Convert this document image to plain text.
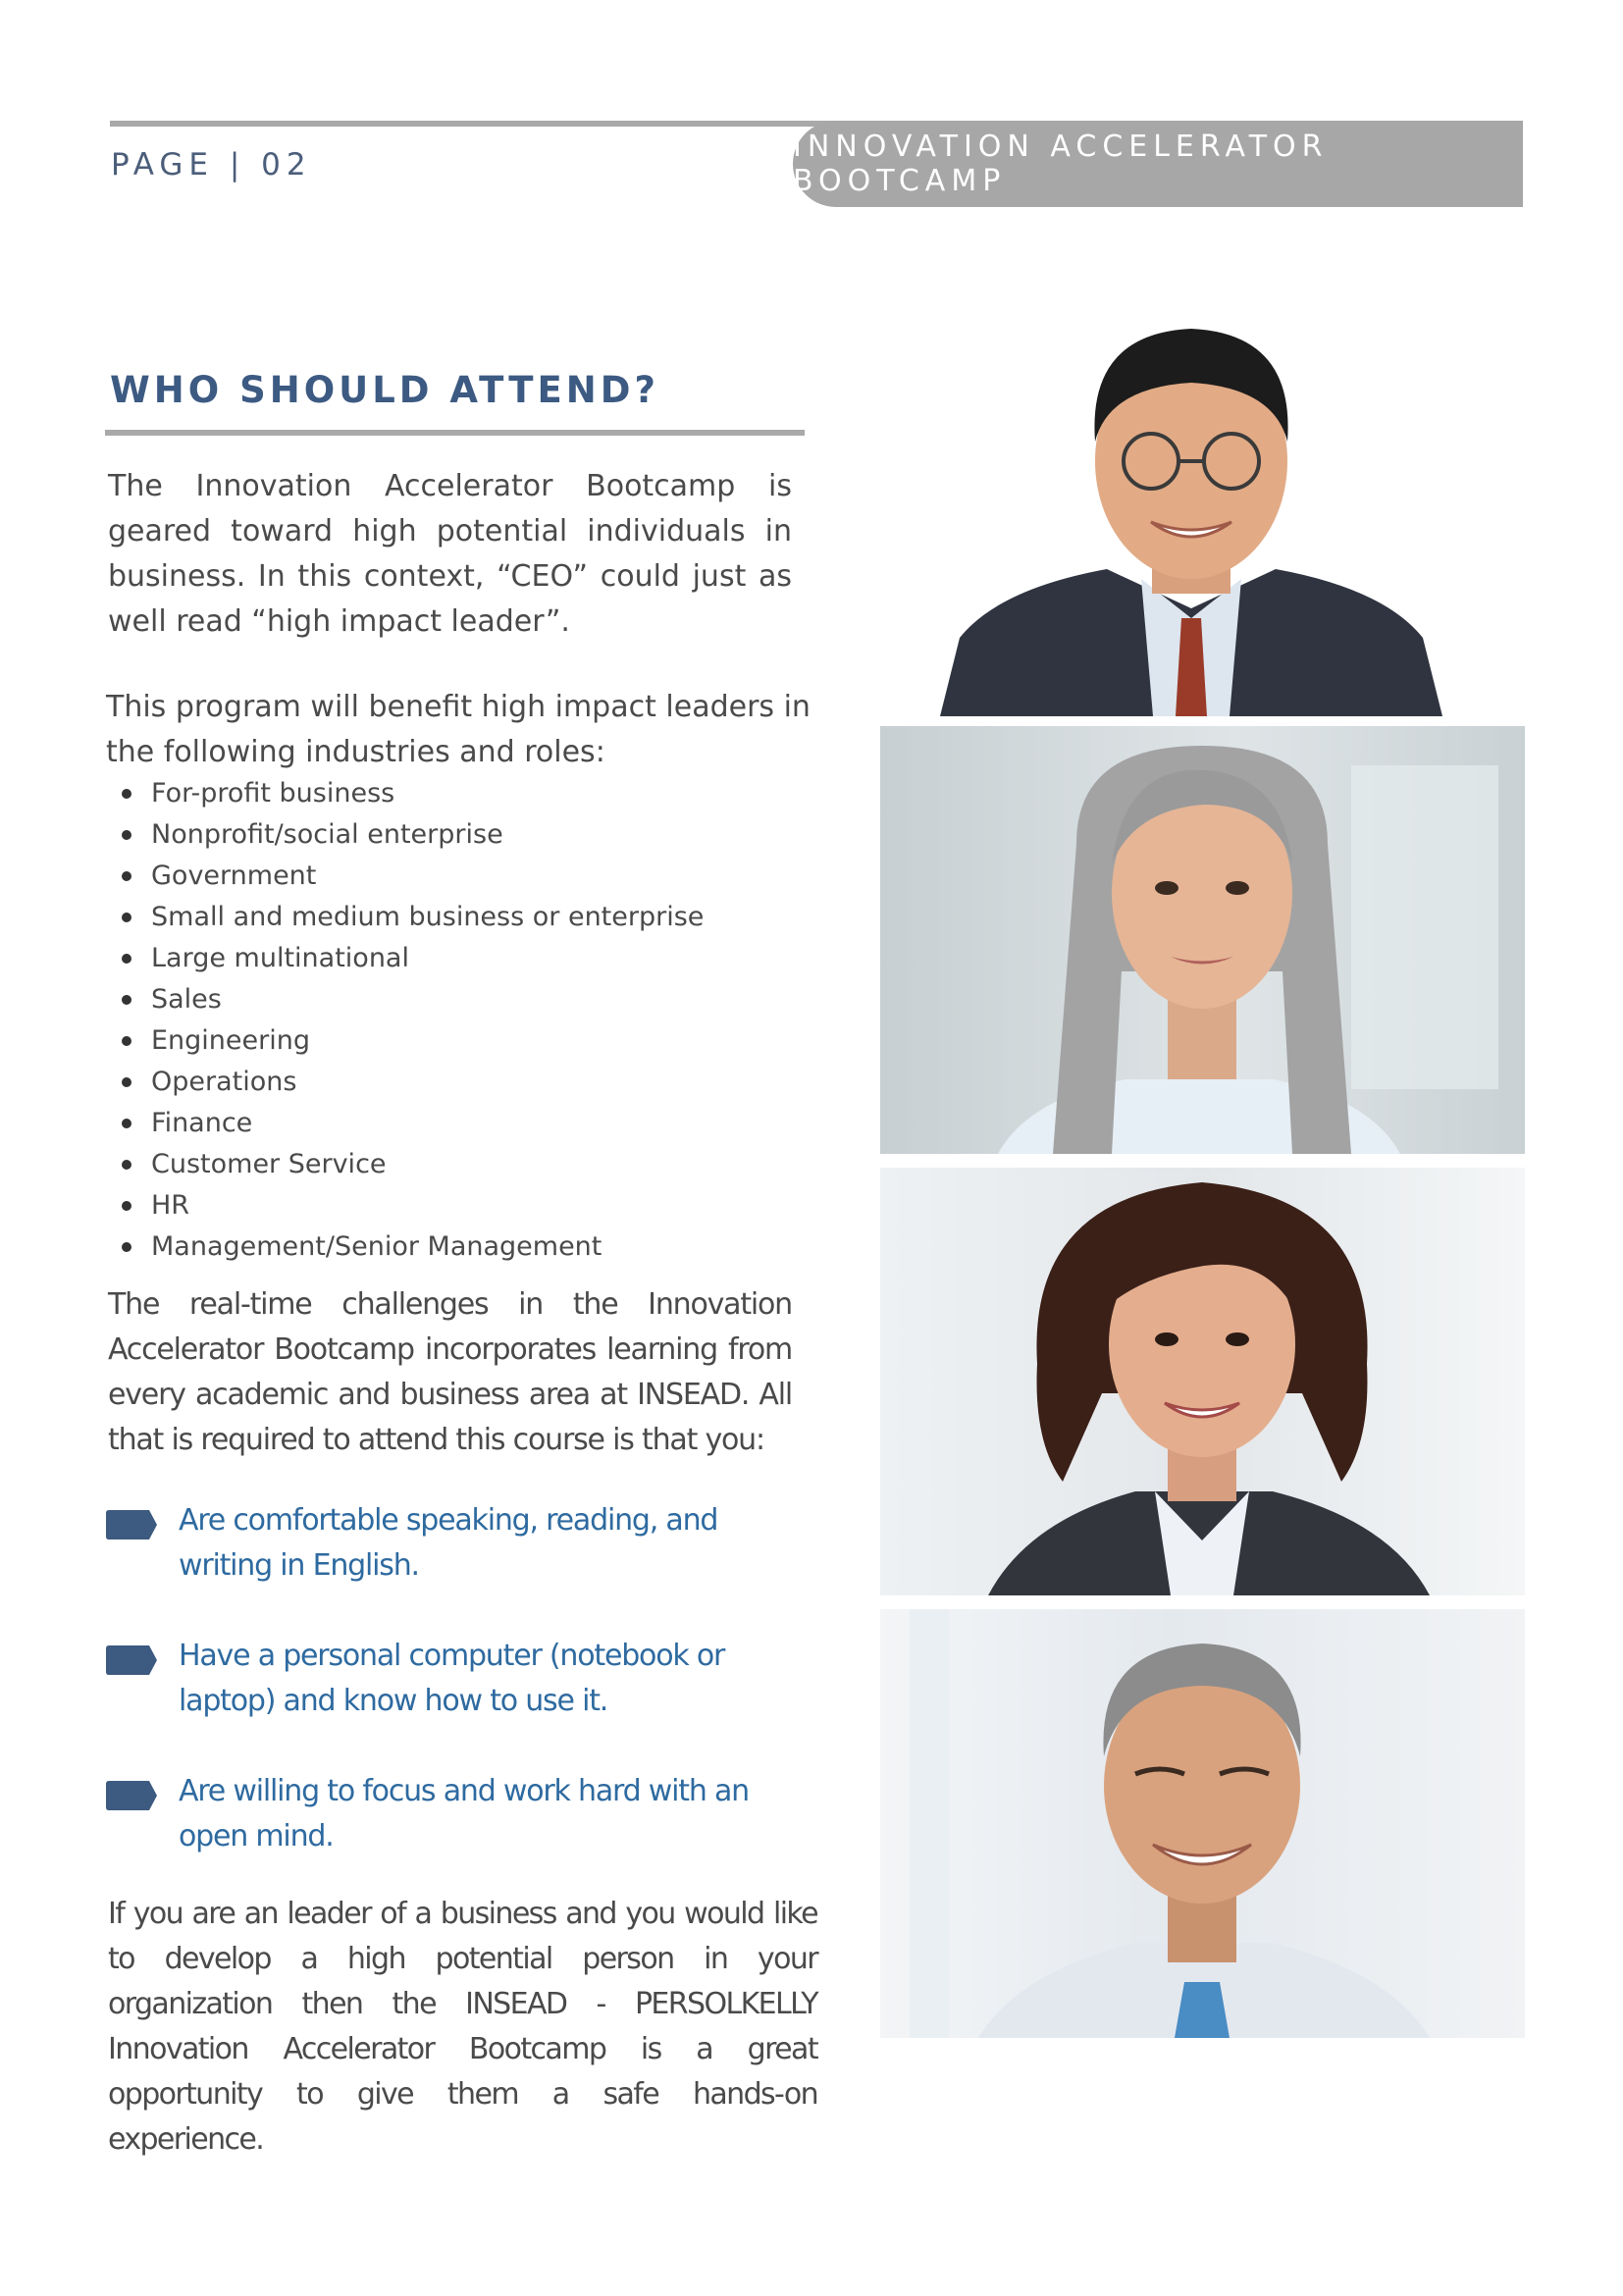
PAGE | 02
INNOVATION ACCELERATOR BOOTCAMP
WHO SHOULD ATTEND?

The Innovation Accelerator Bootcamp is geared toward high potential individuals in business. In this context, “CEO” could just as well read “high impact leader”.

This program will benefit high impact leaders in the following industries and roles:

For-profit business
Nonprofit/social enterprise
Government
Small and medium business or enterprise
Large multinational
Sales
Engineering
Operations
Finance
Customer Service
HR
Management/Senior Management

The real-time challenges in the Innovation Accelerator Bootcamp incorporates learning from every academic and business area at INSEAD. All that is required to attend this course is that you:

Are comfortable speaking, reading, and writing in English.

Have a personal computer (notebook or laptop) and know how to use it.

Are willing to focus and work hard with an open mind.

If you are an leader of a business and you would like to develop a high potential person in your organization then the INSEAD - PERSOLKELLY Innovation Accelerator Bootcamp is a great opportunity to give them a safe hands-on experience.
